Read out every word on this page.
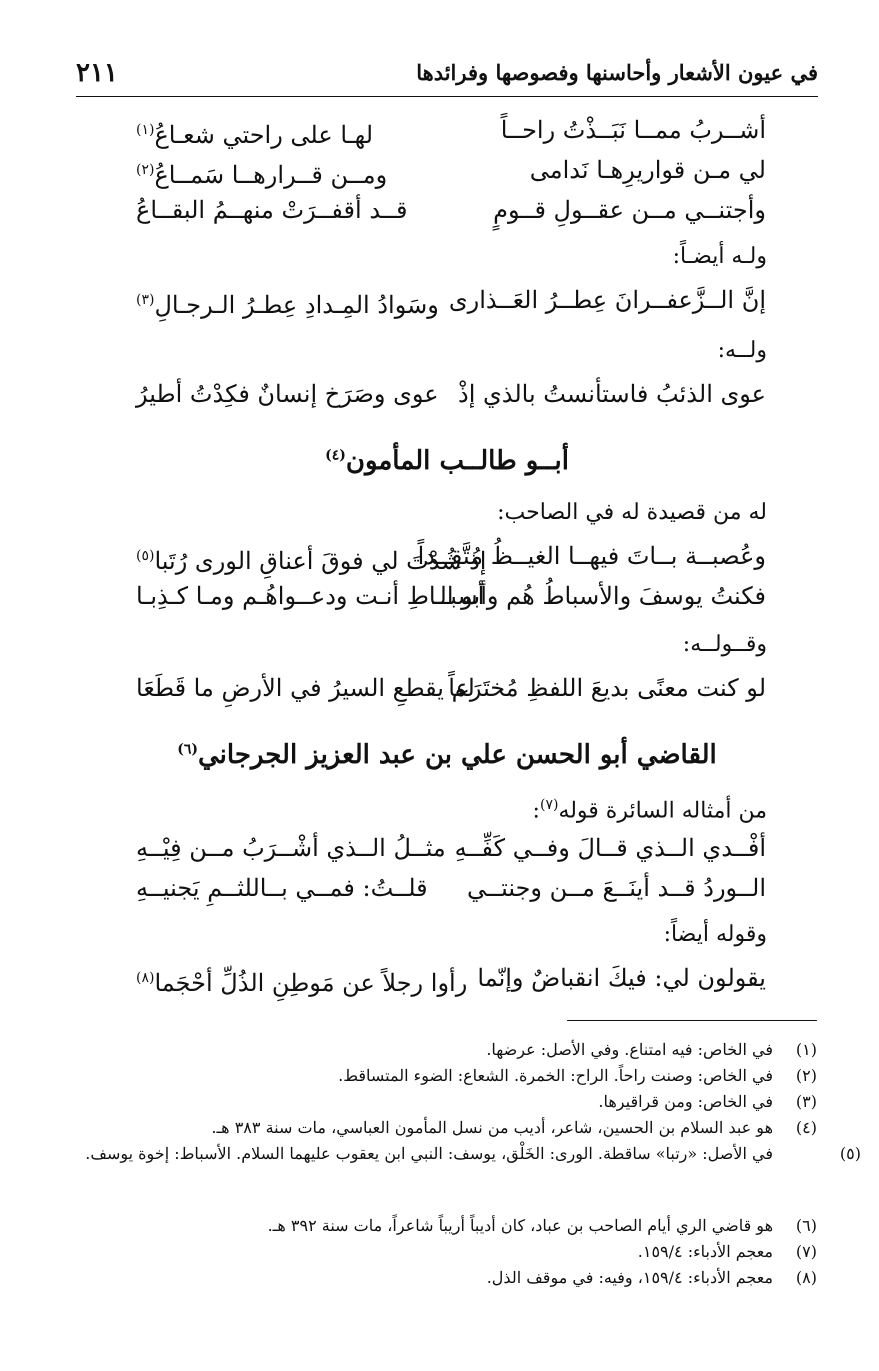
في عيون الأشعار وأحاسنها وفصوصها وفرائدها
٢١١
أشــربُ ممــا نَبَــذْتُ راحــاً
لهـا على راحتي شعـاعُ$^{(١)}$
لي مـن قواريرِهـا نَدامى
ومــن قــرارهــا سَمــاعُ$^{(٢)}$
وأجتنــي مــن عقــولِ قــومٍ
قــد أقفــرَتْ منهــمُ البقــاعُ
ولـه أيضـاً:
إنَّ الــزَّعفــرانَ عِطــرُ العَــذارى
وسَوادُ المِـدادِ عِطـرُ الـرجـالِ$^{(٣)}$
ولــه:
عوى الذئبُ فاستأنستُ بالذي إذْ
عوى وصَرَخ إنسانٌ فكِدْتُ أطيرُ
أبــو طالــب المأمون$^{(٤)}$
له من قصيدة له في الصاحب:
وعُصبــة بــاتَ فيهــا الغيــظُ مُتَّقِــداً
إذ شُدْتَ لي فوقَ أعناقِ الورى رُتَبا$^{(٥)}$
فكنتُ يوسفَ والأسباطُ هُم وأبو الـ
أسبــاطِ أنـت ودعــواهُـم ومـا كـذِبـا
وقــولــه:
لو كنت معنًى بديعَ اللفظِ مُختَرَعاً
لم يقطعِ السيرُ في الأرضِ ما قَطَعَا
القاضي أبو الحسن علي بن عبد العزيز الجرجاني$^{(٦)}$
من أمثاله السائرة قوله$^{(٧)}$:
أفْــدي الــذي قــالَ وفــي كَفِّــهِ
مثــلُ الــذي أشْــرَبُ مــن فِيْــهِ
الــوردُ قــد أينَــعَ مــن وجنتــي
قلــتُ: فمــي بــاللثــمِ يَجنيــهِ
وقوله أيضاً:
يقولون لي: فيكَ انقباضٌ وإنّما
رأوا رجلاً عن مَوطِنِ الذُلِّ أحْجَما$^{(٨)}$
(١)في الخاص: فيه امتناع. وفي الأصل: عرضها.
(٢)في الخاص: وصنت راحاً. الراح: الخمرة. الشعاع: الضوء المتساقط.
(٣)في الخاص: ومن قراقيرها.
(٤)هو عبد السلام بن الحسين، شاعر، أديب من نسل المأمون العباسي، مات سنة ٣٨٣ هـ.
(٥)في الأصل: «رتبا» ساقطة. الورى: الخَلْق، يوسف: النبي ابن يعقوب عليهما السلام. الأسباط: إخوة يوسف.
(٦)هو قاضي الري أيام الصاحب بن عباد، كان أديباً أريباً شاعراً، مات سنة ٣٩٢ هـ.
(٧)معجم الأدباء: ١٥٩/٤.
(٨)معجم الأدباء: ١٥٩/٤، وفيه: في موقف الذل.
